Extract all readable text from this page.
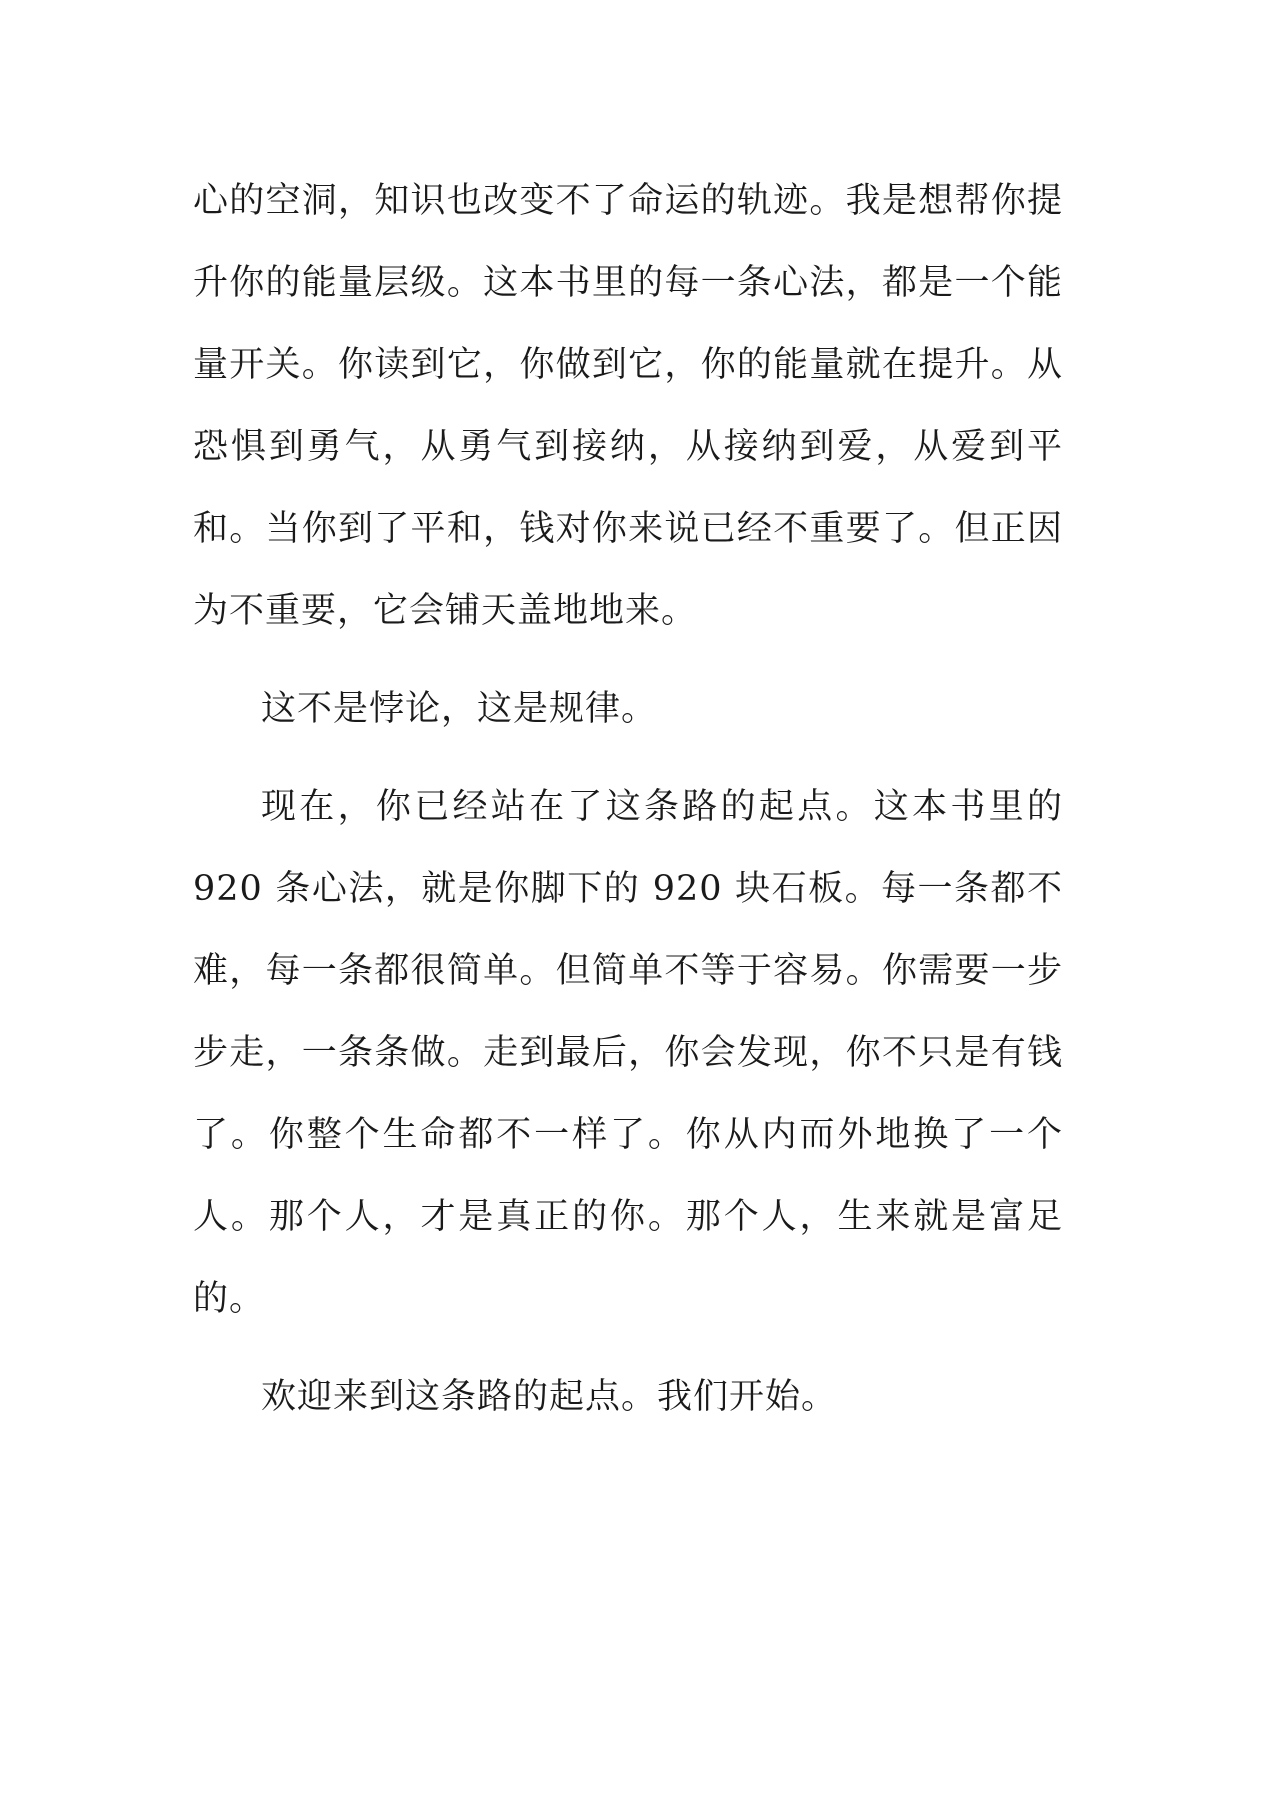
心的空洞，知识也改变不了命运的轨迹。我是想帮你提升你的能量层级。这本书里的每一条心法，都是一个能量开关。你读到它，你做到它，你的能量就在提升。从恐惧到勇气，从勇气到接纳，从接纳到爱，从爱到平和。当你到了平和，钱对你来说已经不重要了。但正因为不重要，它会铺天盖地地来。

这不是悖论，这是规律。

现在，你已经站在了这条路的起点。这本书里的 920 条心法，就是你脚下的 920 块石板。每一条都不难，每一条都很简单。但简单不等于容易。你需要一步步走，一条条做。走到最后，你会发现，你不只是有钱了。你整个生命都不一样了。你从内而外地换了一个人。那个人，才是真正的你。那个人，生来就是富足的。

欢迎来到这条路的起点。我们开始。
